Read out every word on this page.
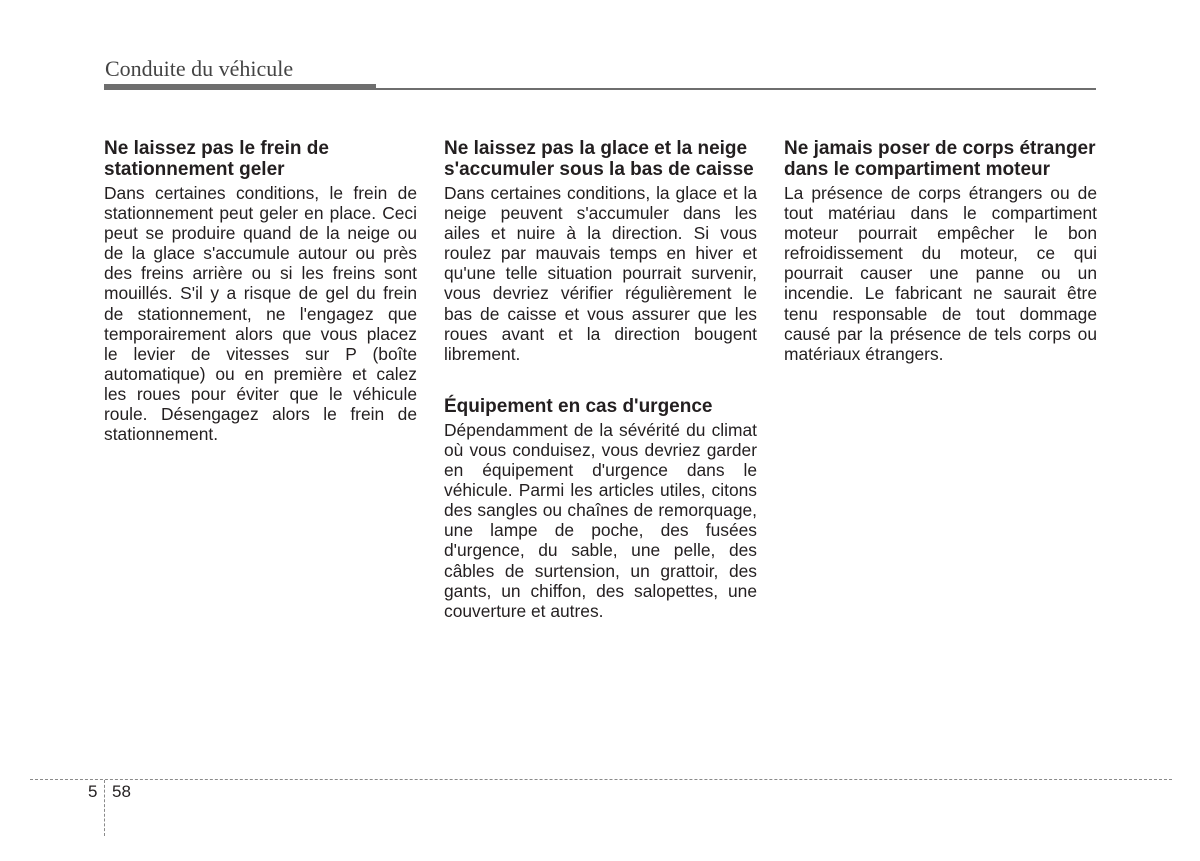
Conduite du véhicule
Ne laissez pas le frein de stationnement geler

Dans certaines conditions, le frein de stationnement peut geler en place. Ceci peut se produire quand de la neige ou de la glace s'accumule autour ou près des freins arrière ou si les freins sont mouillés. S'il y a risque de gel du frein de stationnement, ne l'engagez que temporairement alors que vous placez le levier de vitesses sur P (boîte automatique) ou en première et calez les roues pour éviter que le véhicule roule. Désengagez alors le frein de stationnement.

Ne laissez pas la glace et la neige s'accumuler sous la bas de caisse

Dans certaines conditions, la glace et la neige peuvent s'accumuler dans les ailes et nuire à la direction. Si vous roulez par mauvais temps en hiver et qu'une telle situation pourrait survenir, vous devriez vérifier régulièrement le bas de caisse et vous assurer que les roues avant et la direction bougent librement.

Équipement en cas d'urgence

Dépendamment de la sévérité du climat où vous conduisez, vous devriez garder en équipement d'urgence dans le véhicule. Parmi les articles utiles, citons des sangles ou chaînes de remorquage, une lampe de poche, des fusées d'urgence, du sable, une pelle, des câbles de surtension, un grattoir, des gants, un chiffon, des salopettes, une couverture et autres.

Ne jamais poser de corps étranger dans le compartiment moteur

La présence de corps étrangers ou de tout matériau dans le compartiment moteur pourrait empêcher le bon refroidissement du moteur, ce qui pourrait causer une panne ou un incendie. Le fabricant ne saurait être tenu responsable de tout dommage causé par la présence de tels corps ou matériaux étrangers.

5 58
